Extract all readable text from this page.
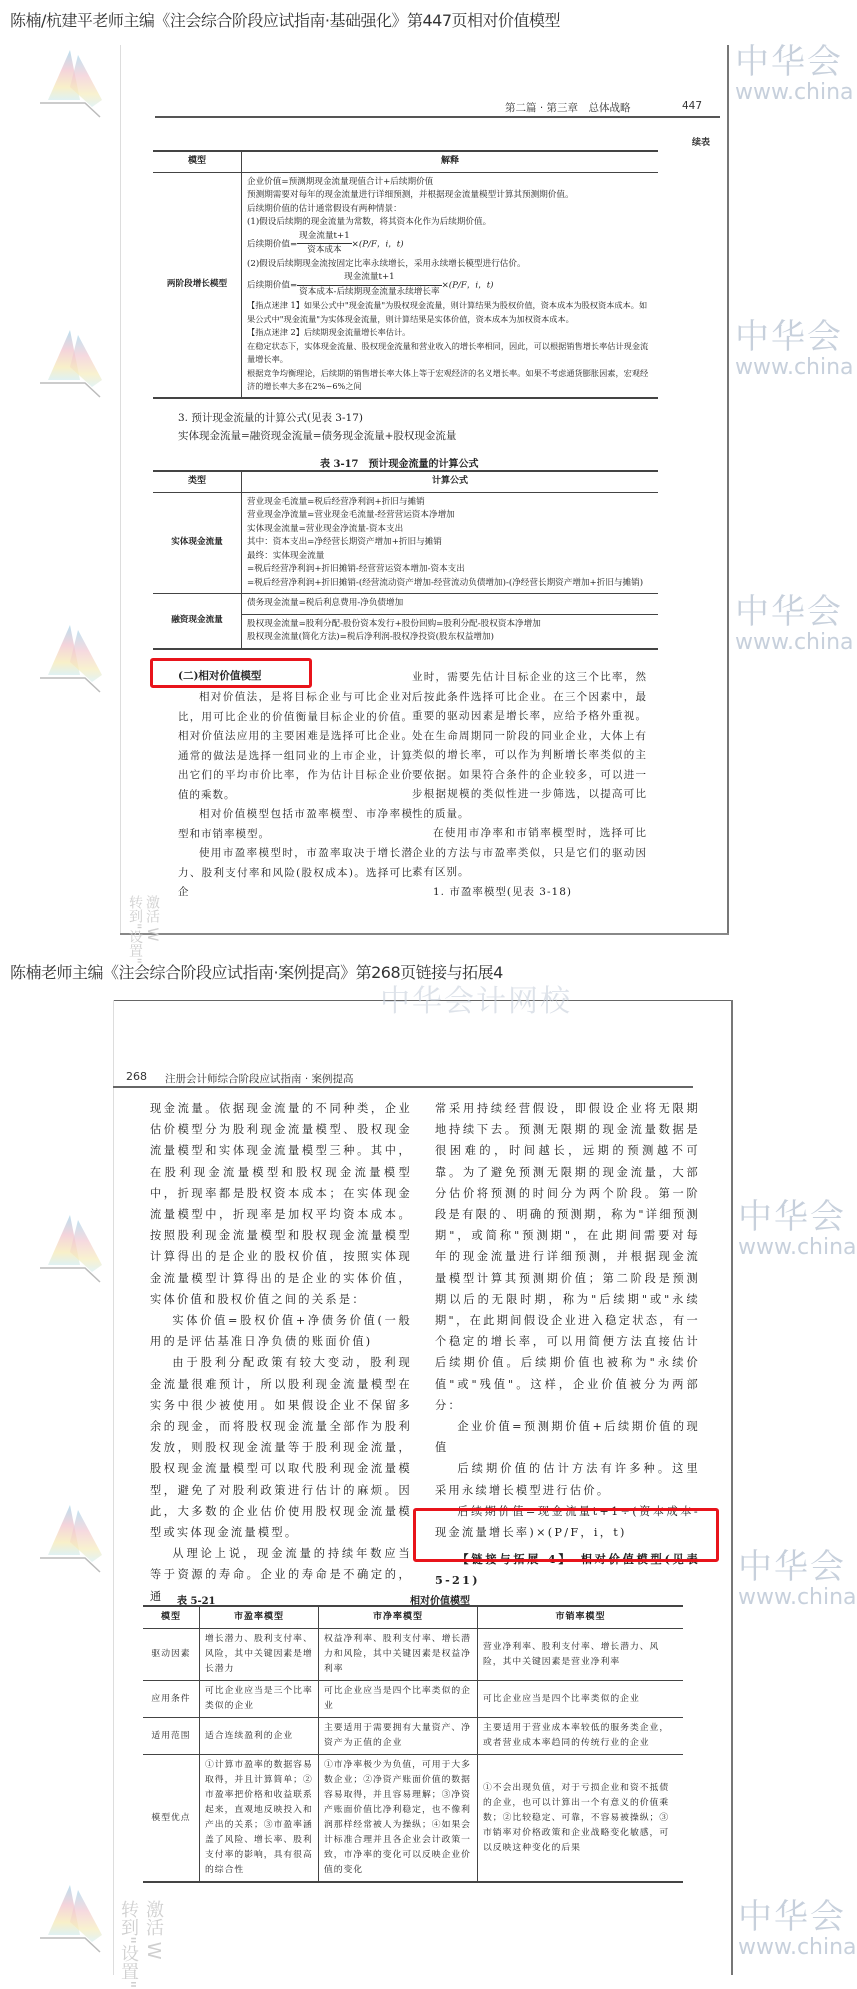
陈楠/杭建平老师主编《注会综合阶段应试指南·基础强化》第447页相对价值模型
中华会
www.china
中华会
www.china
中华会
www.china
转到"设置" 激活 W
第二篇 · 第三章　总体战略	447
续表
模型	解释
两阶段增长模型	
企业价值=预测期现金流量现值合计+后续期价值
预测期需要对每年的现金流量进行详细预测，并根据现金流量模型计算其预测期价值。
后续期价值的估计通常假设有两种情景：
(1)假设后续期的现金流量为常数，将其资本化作为后续期价值。
后续期价值= $\frac{\text{现金流量t+1}}{\text{资本成本}} \times(P/F$，i，t)
(2)假设后续期现金流按固定比率永续增长，采用永续增长模型进行估价。
后续期价值= $\frac{\text{现金流量t+1}}{\text{资本成本-后续期现金流量永续增长率}} \times(P/F$，i，t)
【指点迷津 1】如果公式中"现金流量"为股权现金流量，则计算结果为股权价值，资本成本为股权资本成本。如果公式中"现金流量"为实体现金流量，则计算结果是实体价值，资本成本为加权资本成本。
【指点迷津 2】后续期现金流量增长率估计。
在稳定状态下，实体现金流量、股权现金流量和营业收入的增长率相同，因此，可以根据销售增长率估计现金流量增长率。
根据竞争均衡理论，后续期的销售增长率大体上等于宏观经济的名义增长率。如果不考虑通货膨胀因素，宏观经济的增长率大多在2%~6%之间
3. 预计现金流量的计算公式(见表 3-17)
实体现金流量=融资现金流量=债务现金流量+股权现金流量
表 3-17　预计现金流量的计算公式
类型	计算公式
实体现金流量	
营业现金毛流量=税后经营净利润+折旧与摊销
营业现金净流量=营业现金毛流量-经营营运资本净增加
实体现金流量=营业现金净流量-资本支出
其中：资本支出=净经营长期资产增加+折旧与摊销
最终：实体现金流量
=税后经营净利润+折旧摊销-经营营运资本增加-资本支出
=税后经营净利润+折旧摊销-(经营流动资产增加-经营流动负债增加)-(净经营长期资产增加+折旧与摊销)

融资现金流量	债务现金流量=税后利息费用-净负债增加
股权现金流量=股利分配-股份资本发行+股份回购=股利分配-股权资本净增加
股权现金流量(简化方法)=税后净利润-股权净投资(股东权益增加)
(二)相对价值模型

相对价值法，是将目标企业与可比企业对比，用可比企业的价值衡量目标企业的价值。相对价值法应用的主要困难是选择可比企业。通常的做法是选择一组同业的上市企业，计算出它们的平均市价比率，作为估计目标企业价值的乘数。

相对价值模型包括市盈率模型、市净率模型和市销率模型。

使用市盈率模型时，市盈率取决于增长潜力、股利支付率和风险(股权成本)。选择可比企

业时，需要先估计目标企业的这三个比率，然后按此条件选择可比企业。在三个因素中，最重要的驱动因素是增长率，应给予格外重视。处在生命周期同一阶段的同业企业，大体上有类似的增长率，可以作为判断增长率类似的主要依据。如果符合条件的企业较多，可以进一步根据规模的类似性进一步筛选，以提高可比性的质量。

在使用市净率和市销率模型时，选择可比企业的方法与市盈率类似，只是它们的驱动因素有区别。

1. 市盈率模型(见表 3-18)

陈楠老师主编《注会综合阶段应试指南·案例提高》第268页链接与拓展4
中华会计网校
中华会
www.china
中华会
www.china
中华会
www.china
转到"设置" 激活 W
268 注册会计师综合阶段应试指南 · 案例提高

现金流量。依据现金流量的不同种类，企业估价模型分为股利现金流量模型、股权现金流量模型和实体现金流量模型三种。其中，在股利现金流量模型和股权现金流量模型中，折现率都是股权资本成本；在实体现金流量模型中，折现率是加权平均资本成本。按照股利现金流量模型和股权现金流量模型计算得出的是企业的股权价值，按照实体现金流量模型计算得出的是企业的实体价值，实体价值和股权价值之间的关系是：

实体价值=股权价值+净债务价值(一般用的是评估基准日净负债的账面价值)

由于股利分配政策有较大变动，股利现金流量很难预计，所以股利现金流量模型在实务中很少被使用。如果假设企业不保留多余的现金，而将股权现金流量全部作为股利发放，则股权现金流量等于股利现金流量，股权现金流量模型可以取代股利现金流量模型，避免了对股利政策进行估计的麻烦。因此，大多数的企业估价使用股权现金流量模型或实体现金流量模型。

从理论上说，现金流量的持续年数应当等于资源的寿命。企业的寿命是不确定的，通

常采用持续经营假设，即假设企业将无限期地持续下去。预测无限期的现金流量数据是很困难的，时间越长，远期的预测越不可靠。为了避免预测无限期的现金流量，大部分估价将预测的时间分为两个阶段。第一阶段是有限的、明确的预测期，称为"详细预测期"，或简称"预测期"，在此期间需要对每年的现金流量进行详细预测，并根据现金流量模型计算其预测期价值；第二阶段是预测期以后的无限时期，称为"后续期"或"永续期"，在此期间假设企业进入稳定状态，有一个稳定的增长率，可以用简便方法直接估计后续期价值。后续期价值也被称为"永续价值"或"残值"。这样，企业价值被分为两部分：

企业价值=预测期价值+后续期价值的现值

后续期价值的估计方法有许多种。这里采用永续增长模型进行估价。

后续期价值=现金流量t+1÷(资本成本-现金流量增长率)×(P/F，i，t)

【链接与拓展 4】　相对价值模型(见表5-21)

表 5-21	相对价值模型
模型	市盈率模型	市净率模型	市销率模型
驱动因素	增长潜力、股利支付率、风险，其中关键因素是增长潜力	权益净利率、股利支付率、增长潜力和风险，其中关键因素是权益净利率	营业净利率、股利支付率、增长潜力、风险，其中关键因素是营业净利率
应用条件	可比企业应当是三个比率类似的企业	可比企业应当是四个比率类似的企业	可比企业应当是四个比率类似的企业
适用范围	适合连续盈利的企业	主要适用于需要拥有大量资产、净资产为正值的企业	主要适用于营业成本率较低的服务类企业，或者营业成本率趋同的传统行业的企业
模型优点	①计算市盈率的数据容易取得，并且计算简单；②市盈率把价格和收益联系起来，直观地反映投入和产出的关系；③市盈率涵盖了风险、增长率、股利支付率的影响，具有很高的综合性	①市净率极少为负值，可用于大多数企业；②净资产账面价值的数据容易取得，并且容易理解；③净资产账面价值比净利稳定，也不像利润那样经常被人为操纵；④如果会计标准合理并且各企业会计政策一致，市净率的变化可以反映企业价值的变化	①不会出现负值，对于亏损企业和资不抵债的企业，也可以计算出一个有意义的价值乘数；②比较稳定、可靠，不容易被操纵；③市销率对价格政策和企业战略变化敏感，可以反映这种变化的后果
